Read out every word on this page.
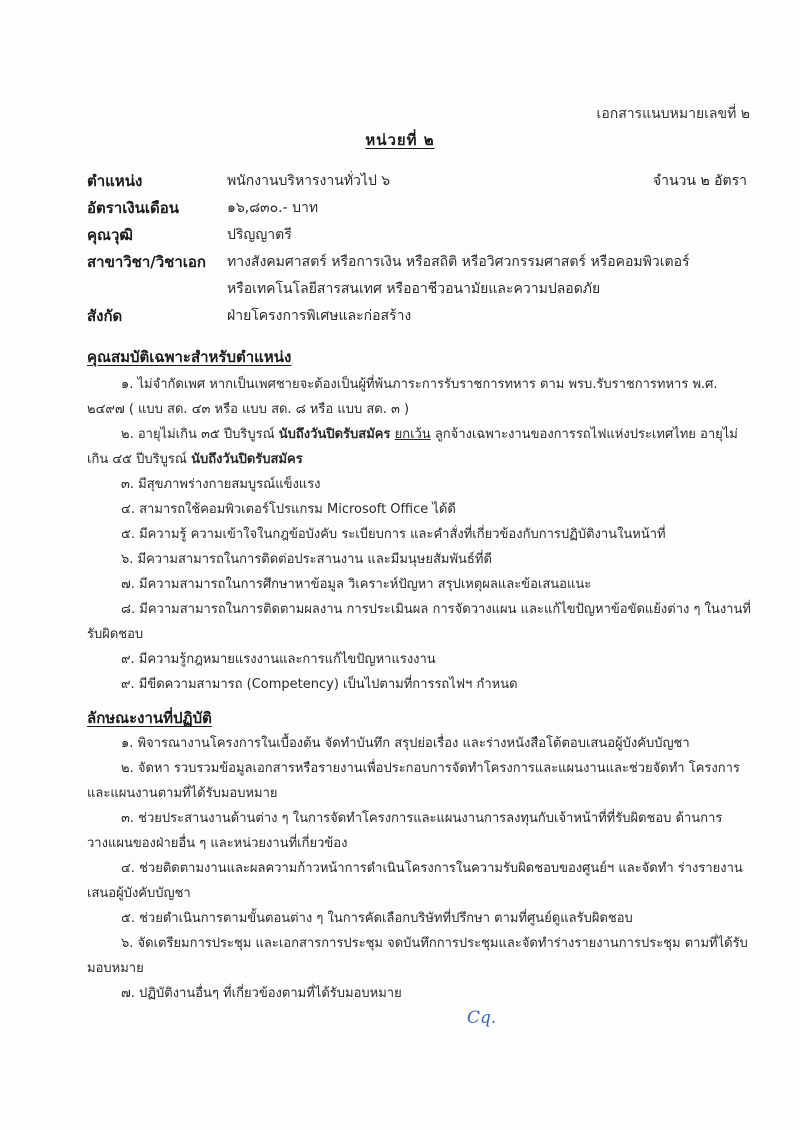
เอกสารแนบหมายเลขที่ ๒
หน่วยที่ ๒
ตำแหน่ง	พนักงานบริหารงานทั่วไป ๖	จำนวน ๒ อัตรา
อัตราเงินเดือน	๑๖,๘๓๐.- บาท
คุณวุฒิ	ปริญญาตรี
สาขาวิชา/วิชาเอก	ทางสังคมศาสตร์ หรือการเงิน หรือสถิติ หรือวิศวกรรมศาสตร์ หรือคอมพิวเตอร์
หรือเทคโนโลยีสารสนเทศ หรืออาชีวอนามัยและความปลอดภัย
สังกัด	ฝ่ายโครงการพิเศษและก่อสร้าง
คุณสมบัติเฉพาะสำหรับตำแหน่ง

๑. ไม่จำกัดเพศ หากเป็นเพศชายจะต้องเป็นผู้ที่พ้นภาระการรับราชการทหาร ตาม พรบ.รับราชการทหาร พ.ศ. ๒๔๙๗ ( แบบ สด. ๔๓ หรือ แบบ สด. ๘ หรือ แบบ สด. ๓ )

๒. อายุไม่เกิน ๓๕ ปีบริบูรณ์ นับถึงวันปิดรับสมัคร ยกเว้น ลูกจ้างเฉพาะงานของการรถไฟแห่งประเทศไทย อายุไม่เกิน ๔๕ ปีบริบูรณ์ นับถึงวันปิดรับสมัคร

๓. มีสุขภาพร่างกายสมบูรณ์แข็งแรง

๔. สามารถใช้คอมพิวเตอร์โปรแกรม Microsoft Office ได้ดี

๕. มีความรู้ ความเข้าใจในกฎข้อบังคับ ระเบียบการ และคำสั่งที่เกี่ยวข้องกับการปฏิบัติงานในหน้าที่

๖. มีความสามารถในการติดต่อประสานงาน และมีมนุษยสัมพันธ์ที่ดี

๗. มีความสามารถในการศึกษาหาข้อมูล วิเคราะห์ปัญหา สรุปเหตุผลและข้อเสนอแนะ

๘. มีความสามารถในการติดตามผลงาน การประเมินผล การจัดวางแผน และแก้ไขปัญหาข้อขัดแย้งต่าง ๆ ในงานที่รับผิดชอบ

๙. มีความรู้กฎหมายแรงงานและการแก้ไขปัญหาแรงงาน

๙. มีขีดความสามารถ (Competency) เป็นไปตามที่การรถไฟฯ กำหนด

ลักษณะงานที่ปฏิบัติ

๑. พิจารณางานโครงการในเบื้องต้น จัดทำบันทึก สรุปย่อเรื่อง และร่างหนังสือโต้ตอบเสนอผู้บังคับบัญชา

๒. จัดหา รวบรวมข้อมูลเอกสารหรือรายงานเพื่อประกอบการจัดทำโครงการและแผนงานและช่วยจัดทำ โครงการและแผนงานตามที่ได้รับมอบหมาย

๓. ช่วยประสานงานด้านต่าง ๆ ในการจัดทำโครงการและแผนงานการลงทุนกับเจ้าหน้าที่ที่รับผิดชอบ ด้านการวางแผนของฝ่ายอื่น ๆ และหน่วยงานที่เกี่ยวข้อง

๔. ช่วยติดตามงานและผลความก้าวหน้าการดำเนินโครงการในความรับผิดชอบของศูนย์ฯ และจัดทำ ร่างรายงานเสนอผู้บังคับบัญชา

๕. ช่วยดำเนินการตามขั้นตอนต่าง ๆ ในการคัดเลือกบริษัทที่ปรึกษา ตามที่ศูนย์ดูแลรับผิดชอบ

๖. จัดเตรียมการประชุม และเอกสารการประชุม จดบันทึกการประชุมและจัดทำร่างรายงานการประชุม ตามที่ได้รับมอบหมาย

๗. ปฏิบัติงานอื่นๆ ที่เกี่ยวข้องตามที่ได้รับมอบหมาย

Cq.
